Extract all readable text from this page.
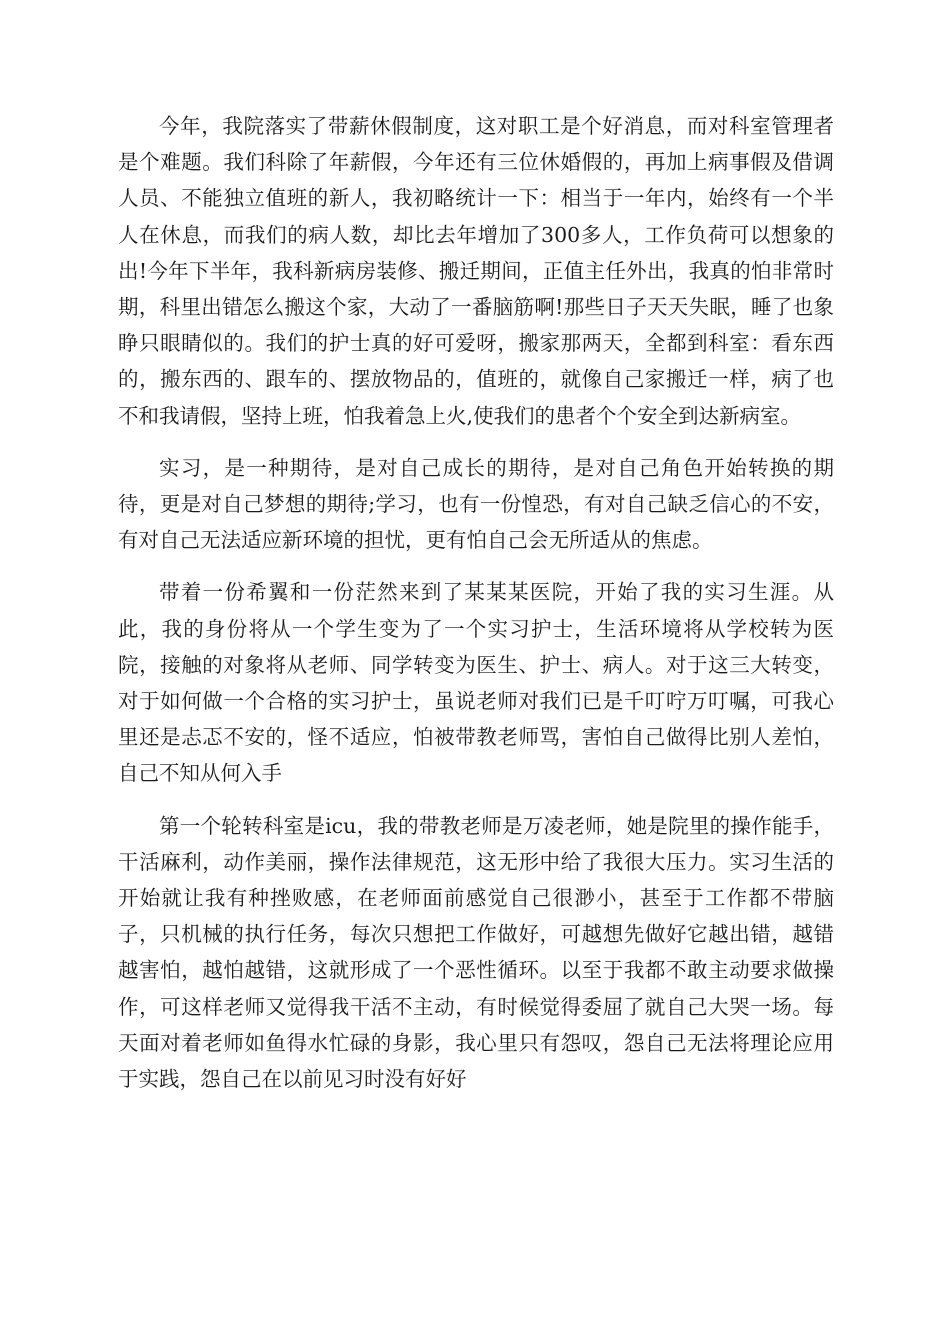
今年，我院落实了带薪休假制度，这对职工是个好消息，而对科室管理者是个难题。我们科除了年薪假，今年还有三位休婚假的，再加上病事假及借调人员、不能独立值班的新人，我初略统计一下：相当于一年内，始终有一个半人在休息，而我们的病人数，却比去年增加了300多人，工作负荷可以想象的出!今年下半年，我科新病房装修、搬迁期间，正值主任外出，我真的怕非常时期，科里出错怎么搬这个家，大动了一番脑筋啊!那些日子天天失眠，睡了也象睁只眼睛似的。我们的护士真的好可爱呀，搬家那两天，全都到科室：看东西的，搬东西的、跟车的、摆放物品的，值班的，就像自己家搬迁一样，病了也不和我请假，坚持上班，怕我着急上火,使我们的患者个个安全到达新病室。

实习，是一种期待，是对自己成长的期待，是对自己角色开始转换的期待，更是对自己梦想的期待;学习，也有一份惶恐，有对自己缺乏信心的不安，有对自己无法适应新环境的担忧，更有怕自己会无所适从的焦虑。

带着一份希翼和一份茫然来到了某某某医院，开始了我的实习生涯。从此，我的身份将从一个学生变为了一个实习护士，生活环境将从学校转为医院，接触的对象将从老师、同学转变为医生、护士、病人。对于这三大转变，对于如何做一个合格的实习护士，虽说老师对我们已是千叮咛万叮嘱，可我心里还是忐忑不安的，怪不适应，怕被带教老师骂，害怕自己做得比别人差怕，自己不知从何入手

第一个轮转科室是icu，我的带教老师是万凌老师，她是院里的操作能手，干活麻利，动作美丽，操作法律规范，这无形中给了我很大压力。实习生活的开始就让我有种挫败感，在老师面前感觉自己很渺小，甚至于工作都不带脑子，只机械的执行任务，每次只想把工作做好，可越想先做好它越出错，越错越害怕，越怕越错，这就形成了一个恶性循环。以至于我都不敢主动要求做操作，可这样老师又觉得我干活不主动，有时候觉得委屈了就自己大哭一场。每天面对着老师如鱼得水忙碌的身影，我心里只有怨叹，怨自己无法将理论应用于实践，怨自己在以前见习时没有好好
